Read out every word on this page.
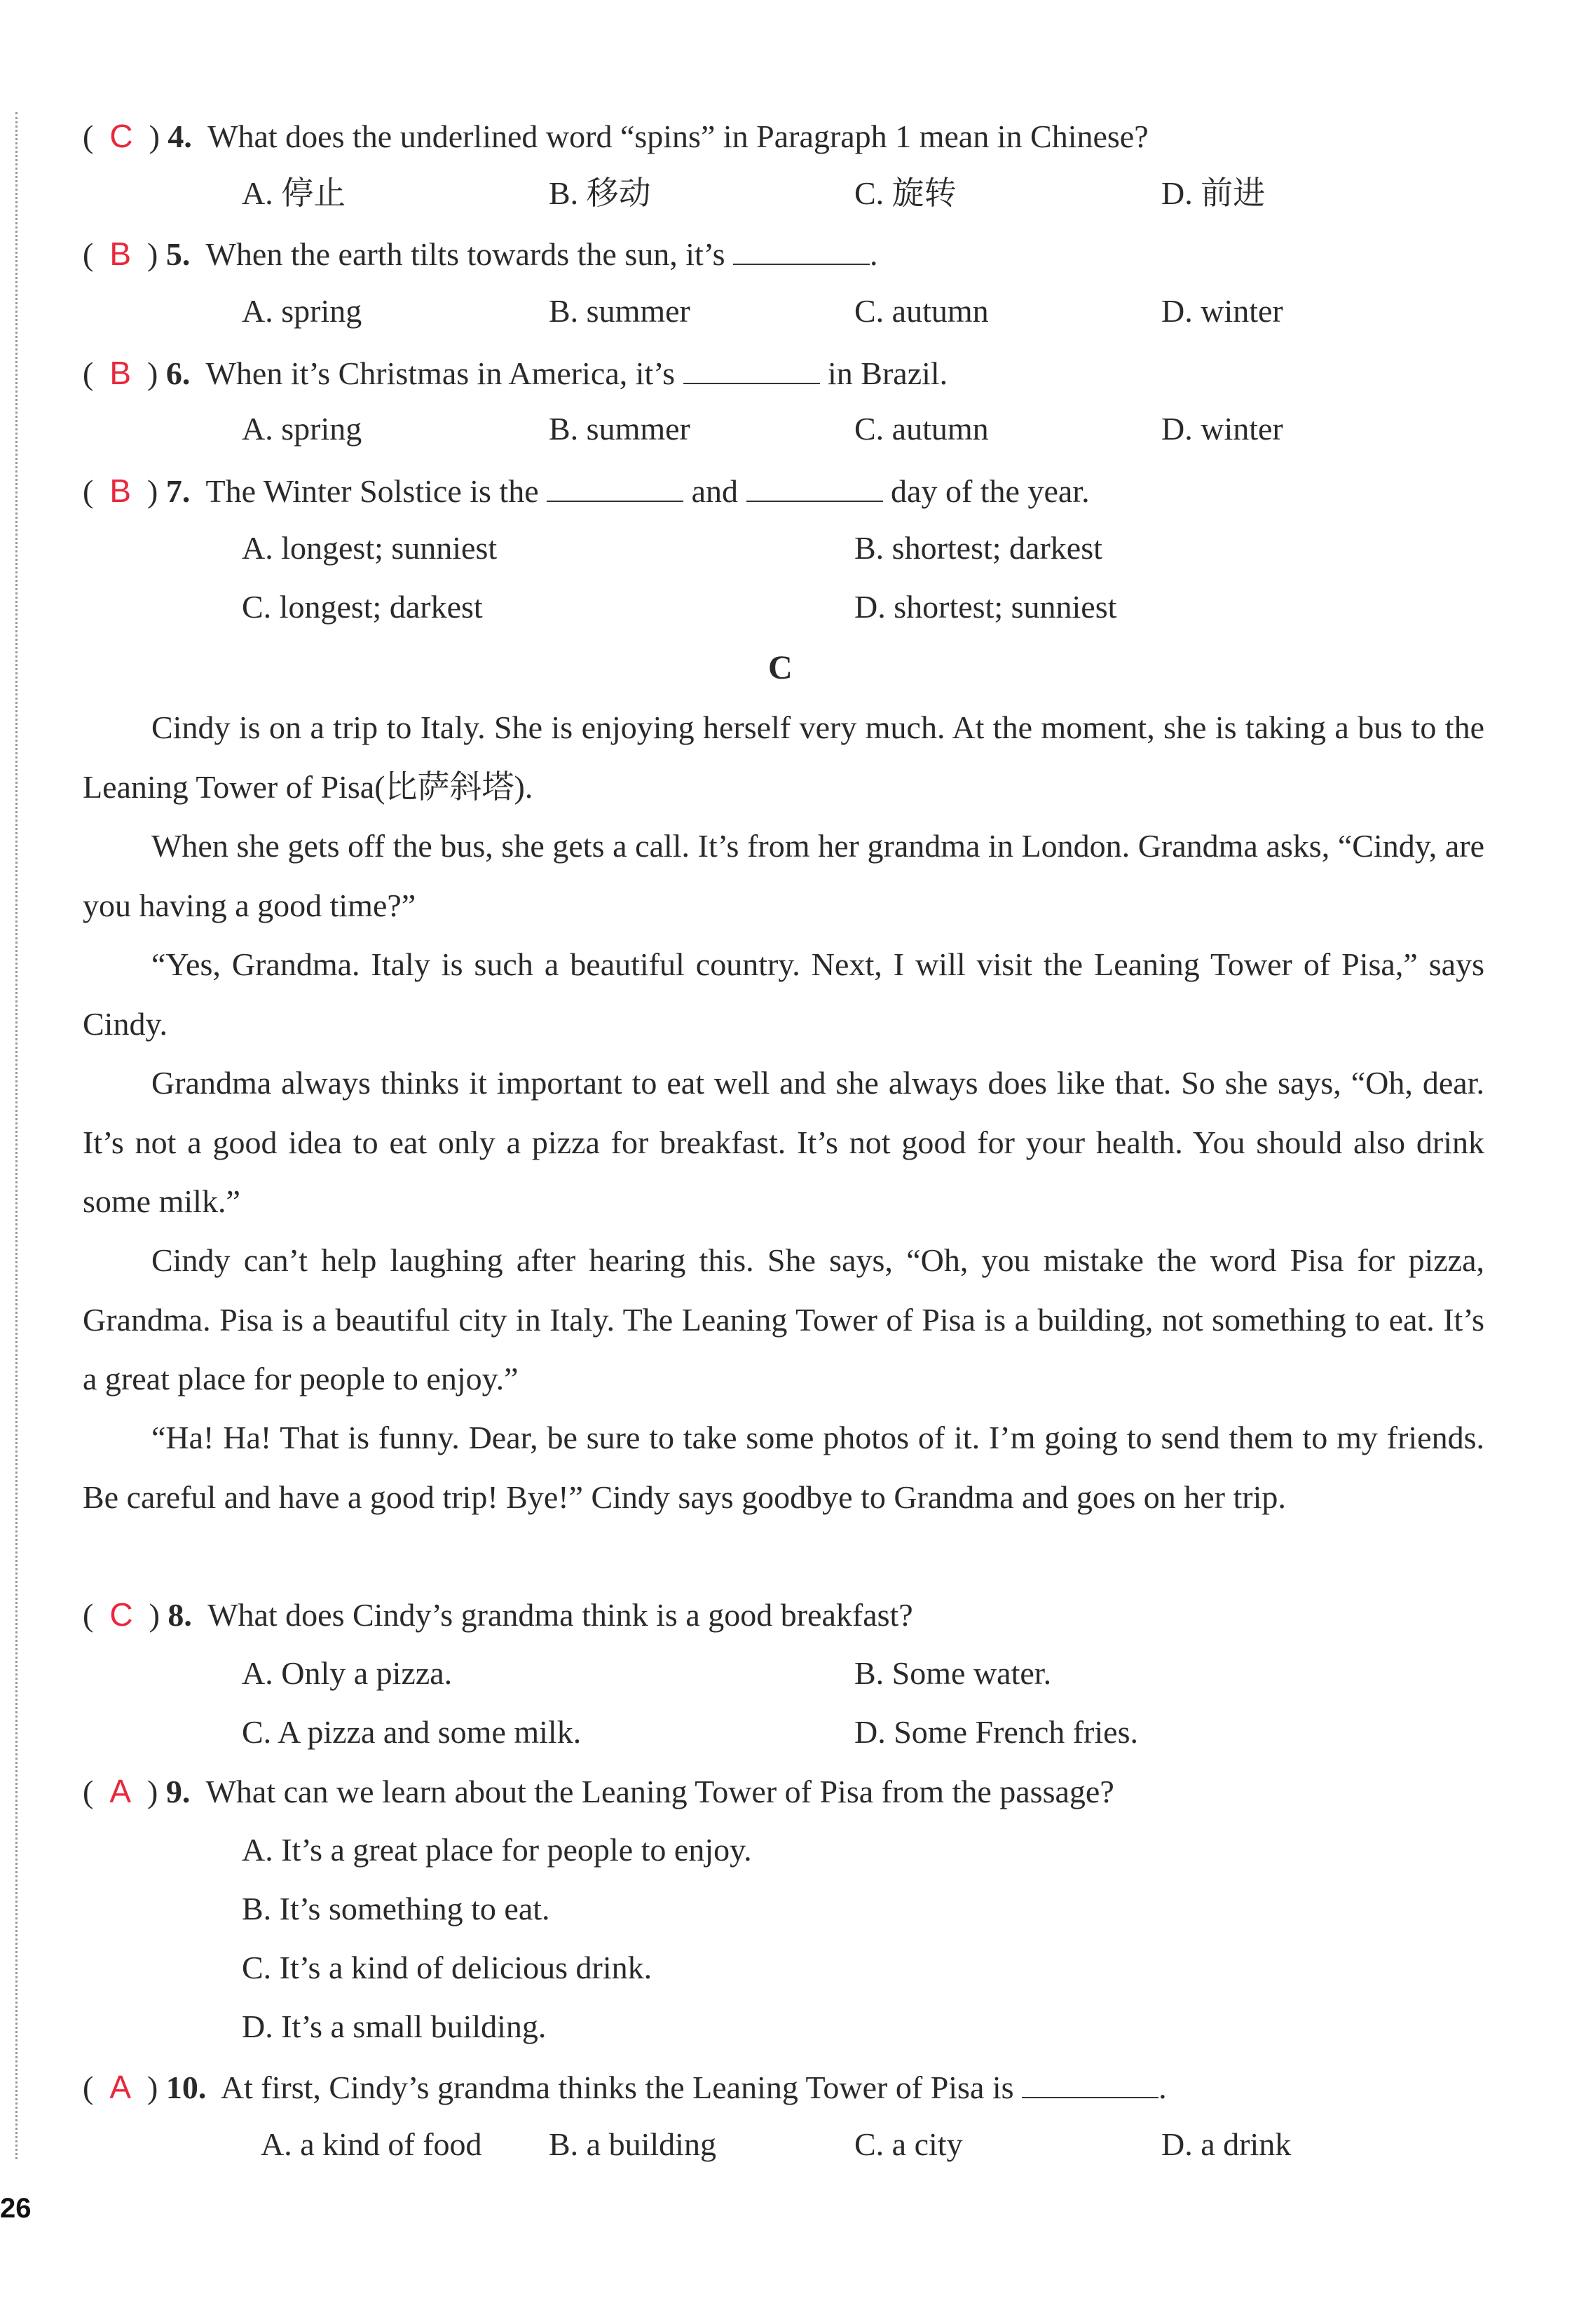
( C ) 4. What does the underlined word “spins” in Paragraph 1 mean in Chinese?
A. 停止	B. 移动	C. 旋转	D. 前进
( B ) 5. When the earth tilts towards the sun, it’s	.
A. spring	B. summer	C. autumn	D. winter
( B ) 6. When it’s Christmas in America, it’s	in Brazil.
A. spring	B. summer	C. autumn	D. winter
( B ) 7. The Winter Solstice is the	and	day of the year.
A. longest; sunniest	B. shortest; darkest
C. longest; darkest	D. shortest; sunniest
C
Cindy is on a trip to Italy. She is enjoying herself very much. At the moment, she is taking a bus to the Leaning Tower of Pisa(比萨斜塔).
When she gets off the bus, she gets a call. It’s from her grandma in London. Grandma asks, “Cindy, are you having a good time?”
“Yes, Grandma. Italy is such a beautiful country. Next, I will visit the Leaning Tower of Pisa,” says Cindy.
Grandma always thinks it important to eat well and she always does like that. So she says, “Oh, dear. It’s not a good idea to eat only a pizza for breakfast. It’s not good for your health. You should also drink some milk.”
Cindy can’t help laughing after hearing this. She says, “Oh, you mistake the word Pisa for pizza, Grandma. Pisa is a beautiful city in Italy. The Leaning Tower of Pisa is a building, not something to eat. It’s a great place for people to enjoy.”
“Ha! Ha! That is funny. Dear, be sure to take some photos of it. I’m going to send them to my friends. Be careful and have a good trip! Bye!” Cindy says goodbye to Grandma and goes on her trip.
( C ) 8. What does Cindy’s grandma think is a good breakfast?
A. Only a pizza.	B. Some water.
C. A pizza and some milk.	D. Some French fries.
( A ) 9. What can we learn about the Leaning Tower of Pisa from the passage?
A. It’s a great place for people to enjoy.
B. It’s something to eat.
C. It’s a kind of delicious drink.
D. It’s a small building.
( A ) 10. At first, Cindy’s grandma thinks the Leaning Tower of Pisa is	.
A. a kind of food B. a building	C. a city	D. a drink
26
